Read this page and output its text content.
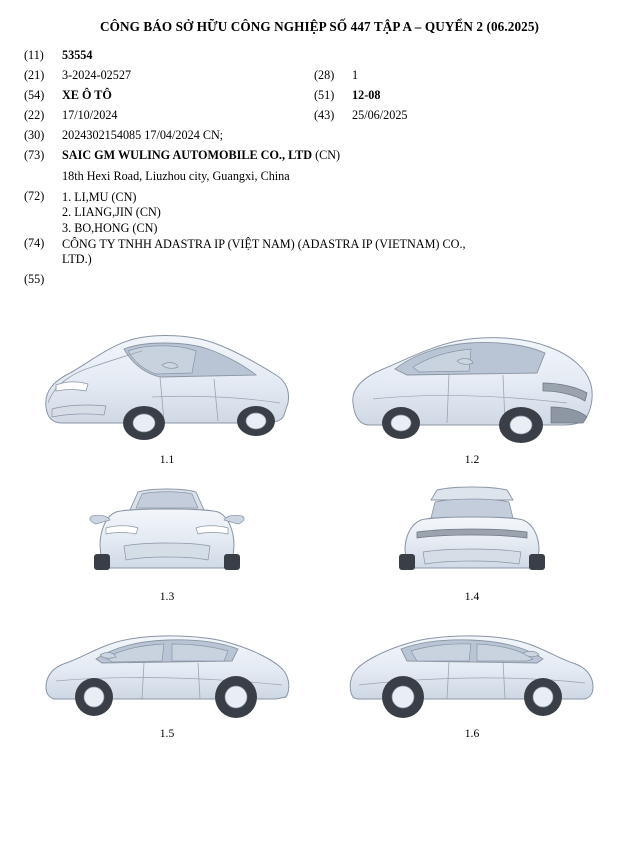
CÔNG BÁO SỞ HỮU CÔNG NGHIỆP SỐ 447 TẬP A – QUYỂN 2 (06.2025)
(11)	53554
(21)	3-2024-02527	(28)	1
(54)	XE Ô TÔ	(51)	12-08
(22)	17/10/2024	(43)	25/06/2025
(30)	2024302154085 17/04/2024 CN;
(73)	SAIC GM WULING AUTOMOBILE CO., LTD (CN)
18th Hexi Road, Liuzhou city, Guangxi, China
(72)	1. LI,MU (CN)
2. LIANG,JIN (CN)
3. BO,HONG (CN)
(74)	CÔNG TY TNHH ADASTRA IP (VIỆT NAM) (ADASTRA IP (VIETNAM) CO.,
LTD.)
(55)
1.1	1.2
1.3	1.4
1.5	1.6
